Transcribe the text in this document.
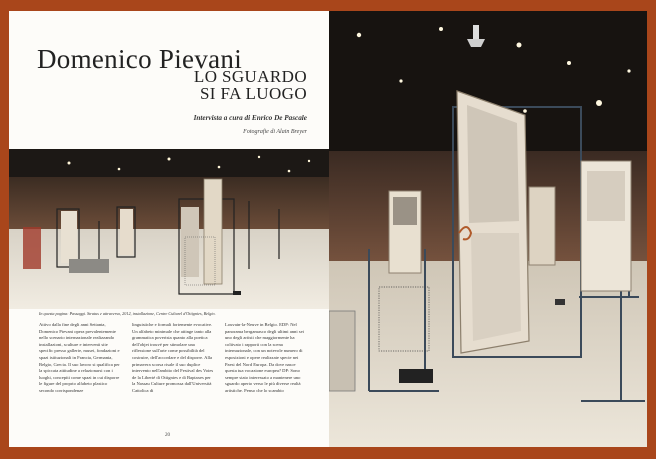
Domenico Pievani
LO SGUARDO
SI FA LUOGO
Intervista a cura di Enrico De Pascale
Fotografie di Alain Breyer
In questa pagina: Passaggi. Stratus e attraverso, 2012, installazione, Centre Culturel d'Ottignies, Belgio.
Attivo dalla fine degli anni Settanta, Domenico Pievani opera prevalentemente nello scenario internazionale realizzando installazioni, sculture e interventi site specific presso gallerie, musei, fondazioni e spazi istituzionali in Francia, Germania, Belgio, Grecia. Il suo lavoro si qualifica per la spiccata attitudine a relazionarsi con i luoghi, concepiti come spazi in cui disporre le figure del proprio alfabeto plastico secondo corrispondenze
linguistiche e formali fortemente evocative. Un alfabeto minimale che attinge tanto alla grammatica poverista quanto alla poetica dell'objet trouvé per stimolare una riflessione sull'arte come possibilità del costruire, dell'accordare e del disporre. Alla primavera scorsa risale il suo duplice intervento nell'ambito del Festival des Voies de la Liberté di Ottignies e di Baptaxes per la Nassau Culture promossa dall'Università Cattolica di
Louvain-la-Neuve in Belgio. EDP: Nel panorama bergamasco degli ultimi anni sei uno degli artisti che maggiormente ha coltivato i rapporti con la scena internazionale, con un notevole numero di esposizioni e opere realizzate specie nei Paesi del Nord Europa. Da dove nasce questa tua vocazione europea? DP: Sono sempre stato interessato a mantenere uno sguardo aperto verso le più diverse realtà artistiche. Penso che lo scambio
20
